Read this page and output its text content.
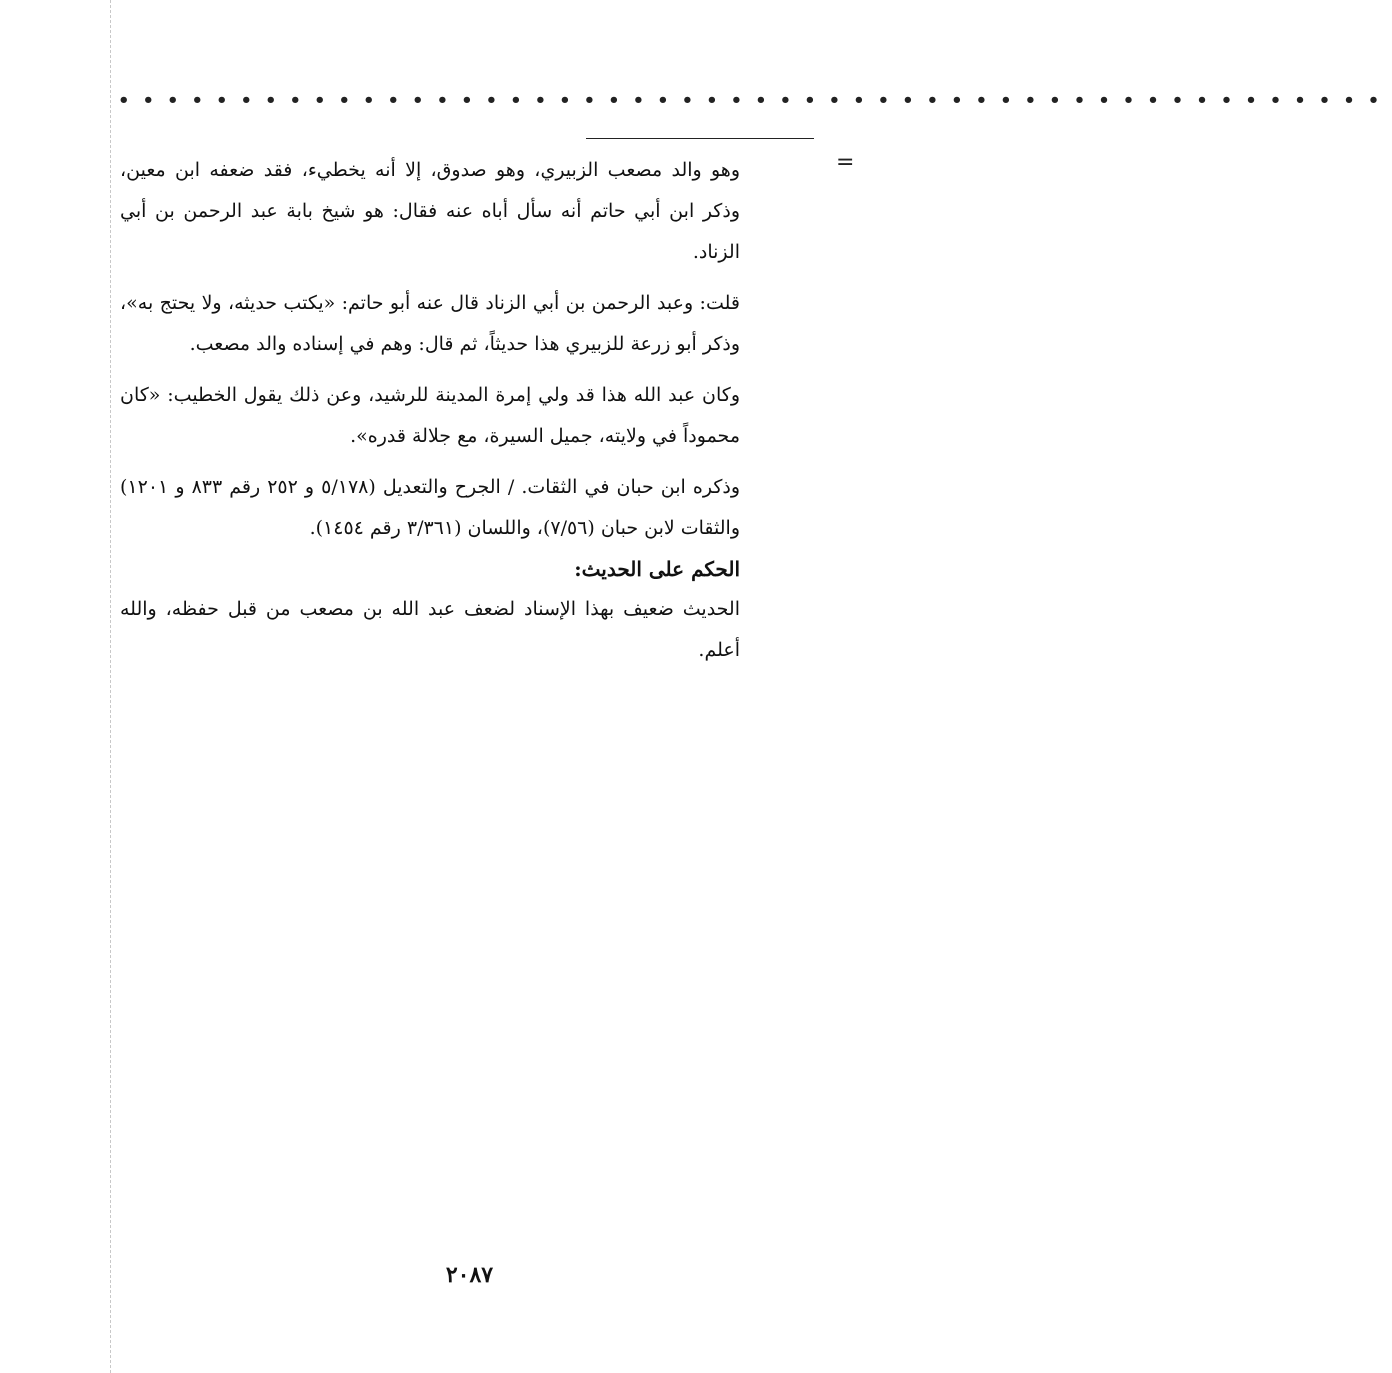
••••••••••••••••••••••••••••••••••••••••••••••••••••
=

وهو والد مصعب الزبيري، وهو صدوق، إلا أنه يخطيء، فقد ضعفه ابن معين، وذكر ابن أبي حاتم أنه سأل أباه عنه فقال: هو شيخ بابة عبد الرحمن بن أبي الزناد.

قلت: وعبد الرحمن بن أبي الزناد قال عنه أبو حاتم: «يكتب حديثه، ولا يحتج به»، وذكر أبو زرعة للزبيري هذا حديثاً، ثم قال: وهم في إسناده والد مصعب.

وكان عبد الله هذا قد ولي إمرة المدينة للرشيد، وعن ذلك يقول الخطيب: «كان محموداً في ولايته، جميل السيرة، مع جلالة قدره».

وذكره ابن حبان في الثقات. / الجرح والتعديل (٥/١٧٨ و ٢٥٢ رقم ٨٣٣ و ١٢٠١) والثقات لابن حبان (٧/٥٦)، واللسان (٣/٣٦١ رقم ١٤٥٤).

الحكم على الحديث:

الحديث ضعيف بهذا الإسناد لضعف عبد الله بن مصعب من قبل حفظه، والله أعلم.

٢٠٨٧
